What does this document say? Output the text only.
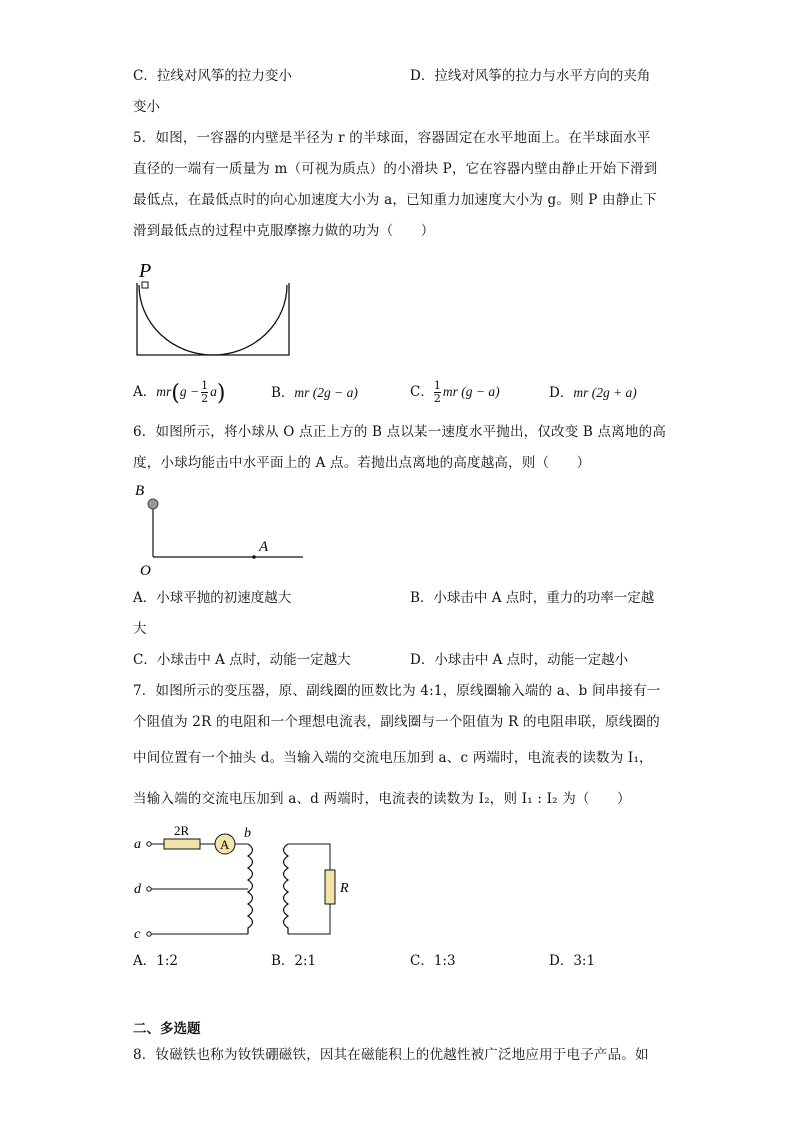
C．拉线对风筝的拉力变小	D．拉线对风筝的拉力与水平方向的夹角
变小
5．如图，一容器的内壁是半径为 r 的半球面，容器固定在水平地面上。在半球面水平
直径的一端有一质量为 m（可视为质点）的小滑块 P，它在容器内壁由静止开始下滑到
最低点，在最低点时的向心加速度大小为 a，已知重力加速度大小为 g。则 P 由静止下
滑到最低点的过程中克服摩擦力做的功为（　　）
P
A．$mr(g - \frac{1}{2} a)$	B．mr (2g − a)	C． $\frac{1}{2}$ mr (g − a)	D．mr (2g + a)
6．如图所示，将小球从 O 点正上方的 B 点以某一速度水平抛出，仅改变 B 点离地的高
度，小球均能击中水平面上的 A 点。若抛出点离地的高度越高，则（　　）
B
A
O
A．小球平抛的初速度越大	B．小球击中 A 点时，重力的功率一定越
大
C．小球击中 A 点时，动能一定越大	D．小球击中 A 点时，动能一定越小
7．如图所示的变压器，原、副线圈的匝数比为 4:1，原线圈输入端的 a、b 间串接有一
个阻值为 2R 的电阻和一个理想电流表，副线圈与一个阻值为 R 的电阻串联，原线圈的
中间位置有一个抽头 d。当输入端的交流电压加到 a、c 两端时，电流表的读数为 I₁，
当输入端的交流电压加到 a、d 两端时，电流表的读数为 I₂，则 I₁ : I₂ 为（　　）
a
d
c
2R
A
b
R
A．1:2	B．2:1	C．1:3	D．3:1
二、多选题
8．钕磁铁也称为钕铁硼磁铁，因其在磁能积上的优越性被广泛地应用于电子产品。如
